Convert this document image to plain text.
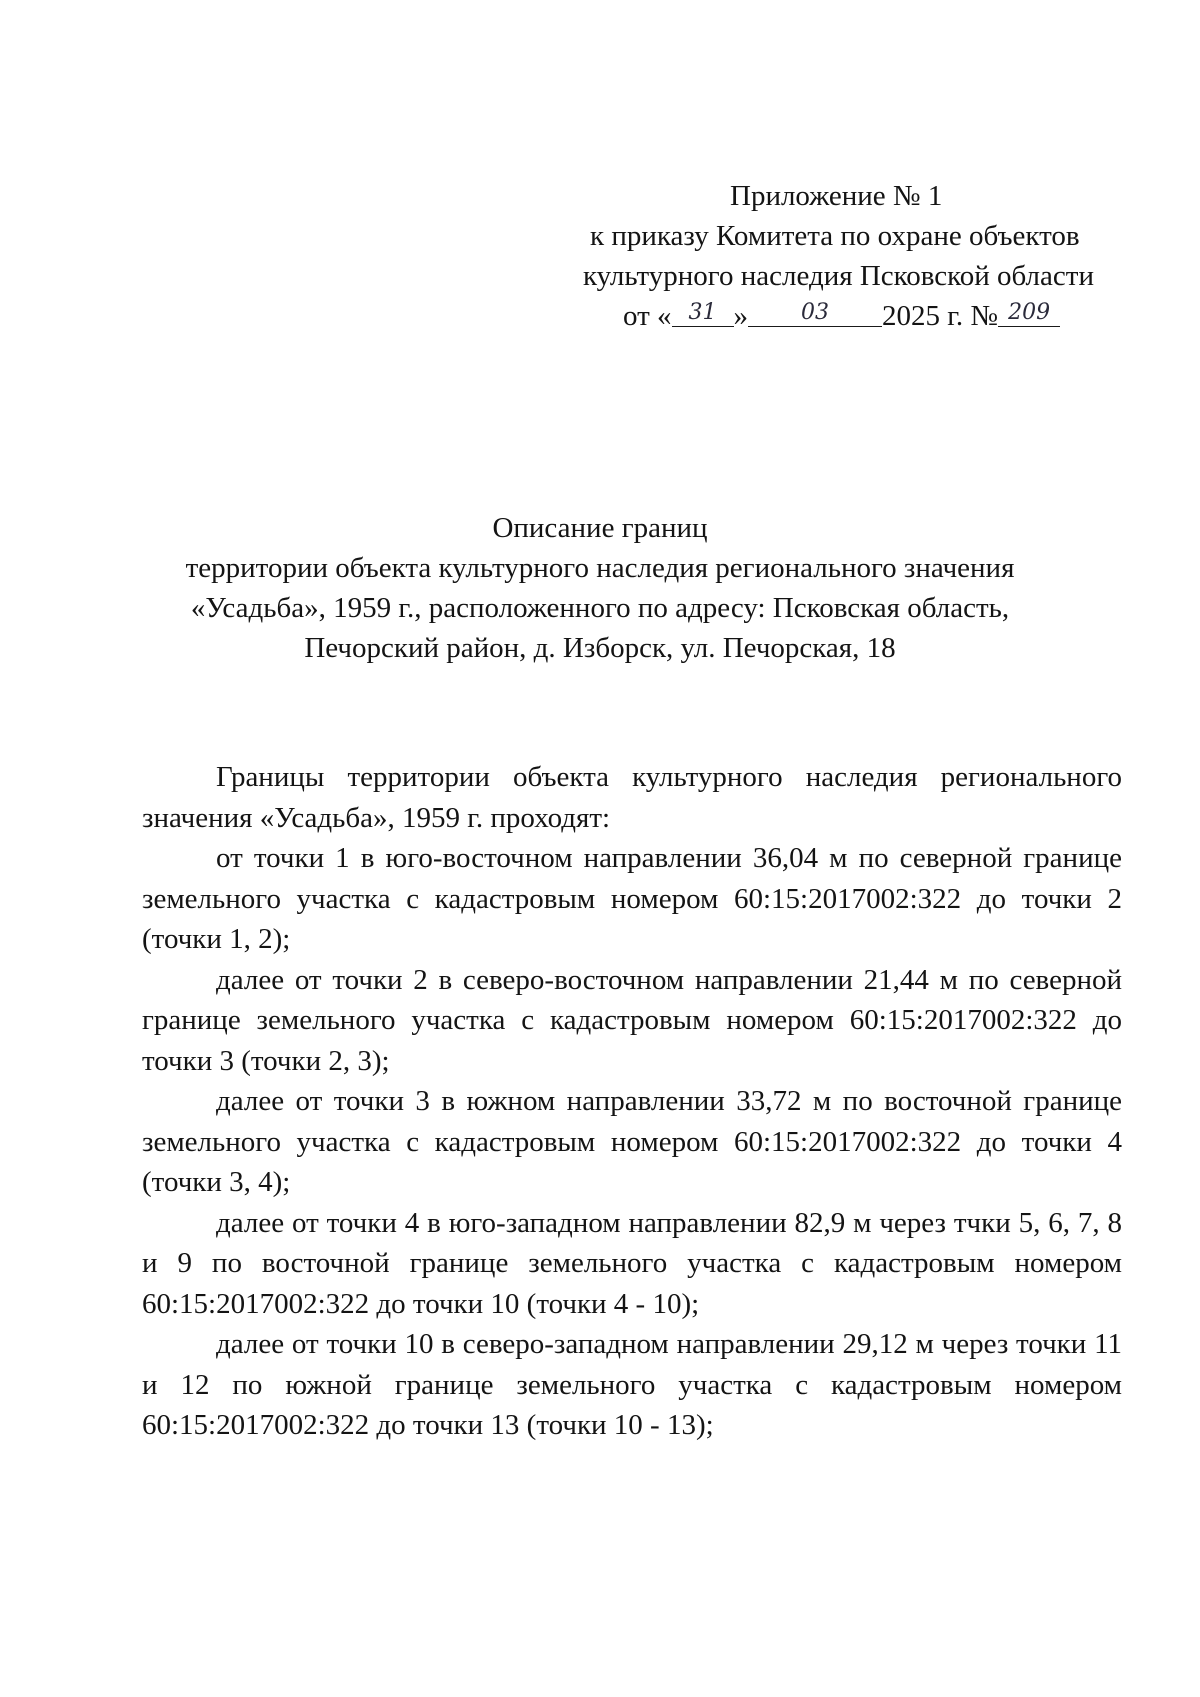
Приложение № 1
к приказу Комитета по охране объектов
культурного наследия Псковской области
от « $^{31}$ » $^{03}$ 2025 г. № $^{209}$
Описание границ
территории объекта культурного наследия регионального значения
«Усадьба», 1959 г., расположенного по адресу: Псковская область,
Печорский район, д. Изборск, ул. Печорская, 18

Границы территории объекта культурного наследия регионального значения «Усадьба», 1959 г. проходят:

от точки 1 в юго-восточном направлении 36,04 м по северной границе земельного участка с кадастровым номером 60:15:2017002:322 до точки 2 (точки 1, 2);

далее от точки 2 в северо-восточном направлении 21,44 м по северной границе земельного участка с кадастровым номером 60:15:2017002:322 до точки 3 (точки 2, 3);

далее от точки 3 в южном направлении 33,72 м по восточной границе земельного участка с кадастровым номером 60:15:2017002:322 до точки 4 (точки 3, 4);

далее от точки 4 в юго-западном направлении 82,9 м через тчки 5, 6, 7, 8 и 9 по восточной границе земельного участка с кадастровым номером 60:15:2017002:322 до точки 10 (точки 4 - 10);

далее от точки 10 в северо-западном направлении 29,12 м через точки 11 и 12 по южной границе земельного участка с кадастровым номером 60:15:2017002:322 до точки 13 (точки 10 - 13);
